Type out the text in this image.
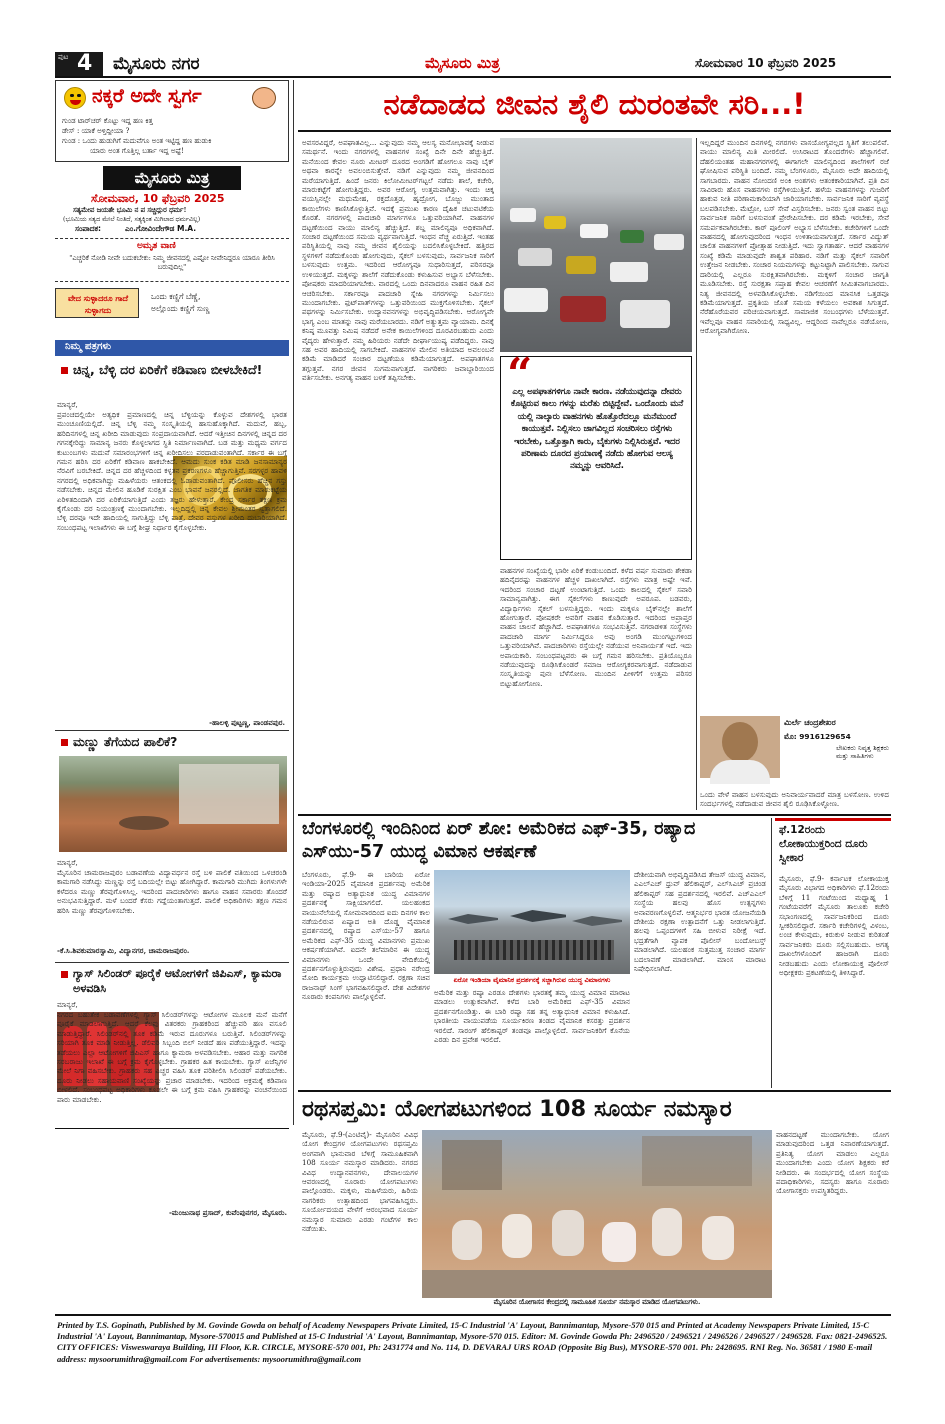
ಪುಟ 4 ಮೈಸೂರು ನಗರ	ಮೈಸೂರು ಮಿತ್ರ	ಸೋಮವಾರ 10 ಫೆಬ್ರವರಿ 2025
ನಕ್ಕರೆ ಅದೇ ಸ್ವರ್ಗ
ಗುಂಡ ಟಾರ್‌ಚರ್ ಕೊಟ್ಟು ಇದ್ದ ಹಣ ಕಿತ್ತ
ಡೇಸ್ : ಯಾಕೆ ಅಳ್ತಿದ್ದೀಯಾ ?
ಗುಂಡ : ಒಂದು ಹುಡುಗಿಗೆ ಮದುವೆಗೂ ಅಂತ ಇಟ್ಟಿದ್ದ ಹಣ ಹುಡುಕಿ
ಯಾರು ಅಂತ ಗೊತ್ತಿಲ್ಲ ಬರ್ತಾ ಇದ್ದ ಅಷ್ಟೆ!
ಮೈಸೂರು ಮಿತ್ರ
ಸೋಮವಾರ, 10 ಫೆಬ್ರವರಿ 2025
ಸತ್ಯಮೇವ ಜಯತೇ ಭೂಮಿ ನ ಪ ಸಚ್ಚಿದ್ಗುರ ಧರ್ಮ!
(ಭೂಮಿಯ ಸತ್ಯದ ಮೇಲೆ ನಿಂತಿದೆ, ಸತ್ಯಕ್ಕಿಂತ ಮಿಗಿಲಾದ ಧರ್ಮವಿಲ್ಲ)
ಸಂಪಾದಕ:	ಎಂ.ಗೋವಿಂದೇಗೌಡ M.A.
ಅಮೃತ ವಾಣಿ
"ಎಚ್ಚರಿಕೆ ನೋಡಿ ನೀವೇ ಬದುಕಬೇಕು: ನಿಮ್ಮ ಜೀವನದಲ್ಲಿ ಎಷ್ಟೋ ನೀವೇನಿದ್ದರೂ ಯಾರೂ ತೀರಿಸಿ ಬರುವುದಿಲ್ಲ"
ವೇದ ಸುಳ್ಳಾದರೂ ಗಾದೆ ಸುಳ್ಳಾಗದು
ಒಂದು ಕಣ್ಣಿಗೆ ಬೆಣ್ಣೆ,
ಅಲ್ಲೊಂದು ಕಣ್ಣಿಗೆ ಸುಣ್ಣ
ನಿಮ್ಮ ಪತ್ರಗಳು
ಚಿನ್ನ, ಬೆಳ್ಳಿ ದರ ಏರಿಕೆಗೆ ಕಡಿವಾಣ ಬೀಳಬೇಕಿದೆ!
ಮಾನ್ಯರೆ,
ಪ್ರಪಂಚದಲ್ಲಿಯೇ ಅತ್ಯಧಿಕ ಪ್ರಮಾಣದಲ್ಲಿ ಚಿನ್ನ ಬೆಳ್ಳಿಯನ್ನು ಕೊಳ್ಳುವ ದೇಶಗಳಲ್ಲಿ ಭಾರತ ಮುಂಚೂಣಿಯಲ್ಲಿದೆ. ಚಿನ್ನ ಬೆಳ್ಳಿ ನಮ್ಮ ಸಂಸ್ಕೃತಿಯಲ್ಲಿ ಹಾಸುಹೊಕ್ಕಾಗಿದೆ. ಮದುವೆ, ಹಬ್ಬ, ಹರಿದಿನಗಳಲ್ಲಿ ಚಿನ್ನ ಖರೀದಿ ಮಾಡುವುದು ಸಂಪ್ರದಾಯವಾಗಿದೆ. ಆದರೆ ಇತ್ತೀಚಿನ ದಿನಗಳಲ್ಲಿ ಚಿನ್ನದ ದರ ಗಗನಕ್ಕೇರಿದ್ದು ಸಾಮಾನ್ಯ ಜನರು ಕೊಳ್ಳಲಾಗದ ಸ್ಥಿತಿ ನಿರ್ಮಾಣವಾಗಿದೆ. ಬಡ ಮತ್ತು ಮಧ್ಯಮ ವರ್ಗದ ಕುಟುಂಬಗಳು ಮದುವೆ ಸಮಾರಂಭಗಳಿಗೆ ಚಿನ್ನ ಖರೀದಿಸಲು ಪರದಾಡುವಂತಾಗಿದೆ. ಸರ್ಕಾರ ಈ ಬಗ್ಗೆ ಗಮನ ಹರಿಸಿ ದರ ಏರಿಕೆಗೆ ಕಡಿವಾಣ ಹಾಕಬೇಕಿದೆ. ಆಮದು ಸುಂಕ ಕಡಿತ ಮಾಡಿ ಜನಸಾಮಾನ್ಯರ ನೆರವಿಗೆ ಬರಬೇಕಿದೆ. ಚಿನ್ನದ ದರ ಹೆಚ್ಚಳದಿಂದ ಕಳ್ಳತನ ಪ್ರಕರಣಗಳೂ ಹೆಚ್ಚಾಗುತ್ತಿವೆ. ಸರಗಳ್ಳರ ಹಾವಳಿ ನಗರದಲ್ಲಿ ಅಧಿಕವಾಗಿದ್ದು ಮಹಿಳೆಯರು ಆತಂಕದಲ್ಲಿ ಓಡಾಡುವಂತಾಗಿದೆ. ಪೊಲೀಸರು ಹೆಚ್ಚಿನ ಗಸ್ತು ನಡೆಸಬೇಕು. ಚಿನ್ನದ ಮೇಲಿನ ಹೂಡಿಕೆ ಸುರಕ್ಷಿತ ಎಂಬ ಭಾವನೆ ಜನರಲ್ಲಿದೆ. ಜಾಗತಿಕ ಮಾರುಕಟ್ಟೆಯ ಏರಿಳಿತದಿಂದಾಗಿ ದರ ಏರಿಕೆಯಾಗುತ್ತಿದೆ ಎಂದು ತಜ್ಞರು ಹೇಳುತ್ತಾರೆ. ಕೇಂದ್ರ ಸರ್ಕಾರ ತಕ್ಷಣ ಕ್ರಮ ಕೈಗೊಂಡು ದರ ನಿಯಂತ್ರಣಕ್ಕೆ ಮುಂದಾಗಬೇಕು. ಇಲ್ಲದಿದ್ದಲ್ಲಿ ಚಿನ್ನ ಕೇವಲ ಶ್ರೀಮಂತರ ಸ್ವತ್ತಾಗಲಿದೆ. ಬೆಳ್ಳಿ ದರವೂ ಇದೇ ಹಾದಿಯಲ್ಲಿ ಸಾಗುತ್ತಿದ್ದು ಬೆಳ್ಳಿ ಪಾತ್ರೆ, ದೇವರ ವಸ್ತುಗಳ ಖರೀದಿ ದುಬಾರಿಯಾಗಿದೆ. ಸಂಬಂಧಪಟ್ಟ ಇಲಾಖೆಗಳು ಈ ಬಗ್ಗೆ ಶೀಘ್ರ ನಿರ್ಧಾರ ಕೈಗೊಳ್ಳಬೇಕು.
-ಹಾಲಳ್ಳಿ ಪುಟ್ಟಣ್ಣ, ಪಾಂಡವಪುರ.
ಮಣ್ಣು ತೆಗೆಯದ ಪಾಲಿಕೆ?
ಮಾನ್ಯರೆ,
ಮೈಸೂರಿನ ಚಾಮರಾಜಪುರಂ ಬಡಾವಣೆಯ ವಿದ್ಯಾವರ್ಧನ ರಸ್ತೆ ಬಳಿ ಪಾಲಿಕೆ ವತಿಯಿಂದ ಒಳಚರಂಡಿ ಕಾಮಗಾರಿ ನಡೆಸಿದ್ದು ಮಣ್ಣನ್ನು ರಸ್ತೆ ಬದಿಯಲ್ಲೇ ಬಿಟ್ಟು ಹೋಗಿದ್ದಾರೆ. ಕಾಮಗಾರಿ ಮುಗಿದು ತಿಂಗಳುಗಳೇ ಕಳೆದರೂ ಮಣ್ಣು ತೆರವುಗೊಳಿಸಿಲ್ಲ. ಇದರಿಂದ ಪಾದಚಾರಿಗಳು ಹಾಗೂ ವಾಹನ ಸವಾರರು ತೊಂದರೆ ಅನುಭವಿಸುತ್ತಿದ್ದಾರೆ. ಮಳೆ ಬಂದರೆ ಕೆಸರು ಗದ್ದೆಯಂತಾಗುತ್ತದೆ. ಪಾಲಿಕೆ ಅಧಿಕಾರಿಗಳು ತಕ್ಷಣ ಗಮನ ಹರಿಸಿ ಮಣ್ಣು ತೆರವುಗೊಳಿಸಬೇಕು.
-ಕೆ.ಸಿ.ಶಿವಕುಮಾರಸ್ವಾಮಿ, ವಿದ್ಯಾನಗರ, ಚಾಮರಾಜಪುರಂ.
ಗ್ಯಾಸ್ ಸಿಲಿಂಡರ್ ಪೂರೈಕೆ ಆಟೋಗಳಿಗೆ ಜಿಪಿಎಸ್, ಕ್ಯಾಮರಾ ಅಳವಡಿಸಿ
ಮಾನ್ಯರೆ,
ನಗರದ ಬಹುತೇಕ ಬಡಾವಣೆಗಳಲ್ಲಿ ಗ್ಯಾಸ್ ಸಿಲಿಂಡರ್‌ಗಳನ್ನು ಆಟೋಗಳ ಮೂಲಕ ಮನೆ ಮನೆಗೆ ಪೂರೈಕೆ ಮಾಡಲಾಗುತ್ತಿದೆ. ಆದರೆ ಕೆಲವು ವಿತರಕರು ಗ್ರಾಹಕರಿಂದ ಹೆಚ್ಚುವರಿ ಹಣ ವಸೂಲಿ ಮಾಡುತ್ತಿದ್ದಾರೆ. ಸಿಲಿಂಡರ್‌ನಲ್ಲಿ ತೂಕ ಕಡಿಮೆ ಇರುವ ದೂರುಗಳೂ ಬರುತ್ತಿವೆ. ಸಿಲಿಂಡರ್‌ಗಳನ್ನು ಸರಿಯಾಗಿ ತೂಕ ಮಾಡಿ ನೀಡುತ್ತಿಲ್ಲ. ಡೆಲಿವರಿ ಸಿಬ್ಬಂದಿ ಬಿಲ್ ನೀಡದೆ ಹಣ ಪಡೆಯುತ್ತಿದ್ದಾರೆ. ಇದನ್ನು ತಡೆಯಲು ಎಲ್ಲಾ ಆಟೋಗಳಿಗೆ ಜಿಪಿಎಸ್ ಹಾಗೂ ಕ್ಯಾಮರಾ ಅಳವಡಿಸಬೇಕು. ಆಹಾರ ಮತ್ತು ನಾಗರಿಕ ಸರಬರಾಜು ಇಲಾಖೆ ಈ ಬಗ್ಗೆ ಕ್ರಮ ಕೈಗೊಳ್ಳಬೇಕು. ಗ್ರಾಹಕರ ಹಿತ ಕಾಯಬೇಕು. ಗ್ಯಾಸ್ ಏಜೆನ್ಸಿಗಳ ಮೇಲೆ ನಿಗಾ ವಹಿಸಬೇಕು. ಗ್ರಾಹಕರು ಸಹ ಎಚ್ಚರ ವಹಿಸಿ ತೂಕ ಪರಿಶೀಲಿಸಿ ಸಿಲಿಂಡರ್ ಪಡೆಯಬೇಕು. ದೂರು ನೀಡಲು ಸಹಾಯವಾಣಿ ಸಂಖ್ಯೆಯನ್ನು ಪ್ರಚಾರ ಮಾಡಬೇಕು. ಇದರಿಂದ ಅಕ್ರಮಕ್ಕೆ ಕಡಿವಾಣ ಬೀಳಲಿದೆ. ಸಂಬಂಧಪಟ್ಟ ಅಧಿಕಾರಿಗಳು ಕೂಡಲೇ ಈ ಬಗ್ಗೆ ಕ್ರಮ ವಹಿಸಿ ಗ್ರಾಹಕರನ್ನು ವಂಚನೆಯಿಂದ ಪಾರು ಮಾಡಬೇಕು.
-ಮಂಜುನಾಥ ಪ್ರಸಾದ್, ಕುವೆಂಪುನಗರ, ಮೈಸೂರು.
ನಡೆದಾಡದ ಜೀವನ ಶೈಲಿ ದುರಂತವೇ ಸರಿ...!
“
ಎಲ್ಲ ಅಪಘಾತಗಳಿಗೂ ನಾವೇ ಕಾರಣ. ನಡೆಯುವುದನ್ನಾ ದೇವರು ಕೊಟ್ಟಿರುವ ಕಾಲು ಗಳನ್ನು ಮರೆತು ಬಿಟ್ಟಿದ್ದೇವೆ. ಒಂದೊಂದು ಮನೆ ಯಲ್ಲಿ ನಾಲ್ಕಾರು ವಾಹನಗಳು ಹೊತ್ತೊರೆದಲ್ಲೂ ಮನೆಮುಂದೆ ಕಾಯುತ್ತವೆ. ನಿಲ್ಲಿಸಲು ಜಾಗವಿಲ್ಲದ ಸಂಚರಿಸಲು ರಸ್ತೆಗಳು ಇರಬೇಕು, ಒತ್ತೊತ್ತಾಗಿ ಕಾರು, ಬೈಕುಗಳು ನಿಲ್ಲಿಸಿರುತ್ತವೆ. ಇದರ ಪರಿಣಾಮ ದೂರದ ಪ್ರಯಾಣಕ್ಕೆ ನಡೆದು ಹೋಗುವ ಆಲಸ್ಯ ನಮ್ಮನ್ನು ಆವರಿಸಿದೆ.
ಅವಸರವಿದ್ದರೆ, ಅಪಘಾತವಿಲ್ಲ... ಎನ್ನುವುದು ನಮ್ಮ ಆಲಸ್ಯ ಮನೋಭಾವಕ್ಕೆ ನೀಡುವ ಸಮರ್ಥನೆ. ಇಂದು ನಗರಗಳಲ್ಲಿ ವಾಹನಗಳ ಸಂಖ್ಯೆ ದಿನೇ ದಿನೇ ಹೆಚ್ಚುತ್ತಿದೆ. ಮನೆಯಿಂದ ಕೇವಲ ನೂರು ಮೀಟರ್ ದೂರದ ಅಂಗಡಿಗೆ ಹೋಗಲೂ ನಾವು ಬೈಕ್ ಅಥವಾ ಕಾರನ್ನೇ ಅವಲಂಬಿಸುತ್ತೇವೆ. ನಡಿಗೆ ಎನ್ನುವುದು ನಮ್ಮ ಜೀವನದಿಂದ ಮರೆಯಾಗುತ್ತಿದೆ. ಹಿಂದೆ ಜನರು ಕಿಲೋಮೀಟರ್‌ಗಟ್ಟಲೆ ನಡೆದು ಶಾಲೆ, ಕಚೇರಿ, ಮಾರುಕಟ್ಟೆಗೆ ಹೋಗುತ್ತಿದ್ದರು. ಅವರ ಆರೋಗ್ಯ ಉತ್ತಮವಾಗಿತ್ತು. ಇಂದು ಚಿಕ್ಕ ವಯಸ್ಸಿನಲ್ಲೇ ಮಧುಮೇಹ, ರಕ್ತದೊತ್ತಡ, ಹೃದ್ರೋಗ, ಬೊಜ್ಜು ಮುಂತಾದ ಕಾಯಿಲೆಗಳು ಕಾಣಿಸಿಕೊಳ್ಳುತ್ತಿವೆ. ಇದಕ್ಕೆ ಪ್ರಮುಖ ಕಾರಣ ದೈಹಿಕ ಚಟುವಟಿಕೆಯ ಕೊರತೆ. ನಗರಗಳಲ್ಲಿ ಪಾದಚಾರಿ ಮಾರ್ಗಗಳೂ ಒತ್ತುವರಿಯಾಗಿವೆ. ವಾಹನಗಳ ದಟ್ಟಣೆಯಿಂದ ವಾಯು ಮಾಲಿನ್ಯ ಹೆಚ್ಚುತ್ತಿದೆ. ಶಬ್ದ ಮಾಲಿನ್ಯವೂ ಅಧಿಕವಾಗಿದೆ. ಸಂಚಾರ ದಟ್ಟಣೆಯಿಂದ ಸಮಯ ವ್ಯರ್ಥವಾಗುತ್ತಿದೆ. ಇಂಧನ ವೆಚ್ಚ ಏರುತ್ತಿದೆ. ಇಂತಹ ಪರಿಸ್ಥಿತಿಯಲ್ಲಿ ನಾವು ನಮ್ಮ ಜೀವನ ಶೈಲಿಯನ್ನು ಬದಲಿಸಿಕೊಳ್ಳಬೇಕಿದೆ. ಹತ್ತಿರದ ಸ್ಥಳಗಳಿಗೆ ನಡೆದುಕೊಂಡು ಹೋಗುವುದು, ಸೈಕಲ್ ಬಳಸುವುದು, ಸಾರ್ವಜನಿಕ ಸಾರಿಗೆ ಬಳಸುವುದು ಉತ್ತಮ. ಇದರಿಂದ ಆರೋಗ್ಯವೂ ಸುಧಾರಿಸುತ್ತದೆ, ಪರಿಸರವೂ ಉಳಿಯುತ್ತದೆ. ಮಕ್ಕಳನ್ನು ಶಾಲೆಗೆ ನಡೆದುಕೊಂಡು ಕಳುಹಿಸುವ ಅಭ್ಯಾಸ ಬೆಳೆಸಬೇಕು. ಪೋಷಕರು ಮಾದರಿಯಾಗಬೇಕು. ವಾರದಲ್ಲಿ ಒಂದು ದಿನವಾದರೂ ವಾಹನ ರಹಿತ ದಿನ ಆಚರಿಸಬೇಕು. ಸರ್ಕಾರವೂ ಪಾದಚಾರಿ ಸ್ನೇಹಿ ನಗರಗಳನ್ನು ನಿರ್ಮಿಸಲು ಮುಂದಾಗಬೇಕು. ಫುಟ್‌ಪಾತ್‌ಗಳನ್ನು ಒತ್ತುವರಿಯಿಂದ ಮುಕ್ತಗೊಳಿಸಬೇಕು. ಸೈಕಲ್ ಪಥಗಳನ್ನು ನಿರ್ಮಿಸಬೇಕು. ಉದ್ಯಾನವನಗಳನ್ನು ಅಭಿವೃದ್ಧಿಪಡಿಸಬೇಕು. ಆರೋಗ್ಯವೇ ಭಾಗ್ಯ ಎಂಬ ಮಾತನ್ನು ನಾವು ಮರೆಯಬಾರದು. ನಡಿಗೆ ಅತ್ಯುತ್ತಮ ವ್ಯಾಯಾಮ. ದಿನಕ್ಕೆ ಕನಿಷ್ಠ ಮೂವತ್ತು ನಿಮಿಷ ನಡೆದರೆ ಅನೇಕ ಕಾಯಿಲೆಗಳಿಂದ ದೂರವಿರಬಹುದು ಎಂದು ವೈದ್ಯರು ಹೇಳುತ್ತಾರೆ. ನಮ್ಮ ಹಿರಿಯರು ನಡೆದೇ ದೀರ್ಘಾಯುಷ್ಯ ಪಡೆದಿದ್ದರು. ನಾವು ಸಹ ಅವರ ಹಾದಿಯಲ್ಲಿ ಸಾಗಬೇಕಿದೆ. ವಾಹನಗಳ ಮೇಲಿನ ಅತಿಯಾದ ಅವಲಂಬನೆ ಕಡಿಮೆ ಮಾಡಿದರೆ ಸಂಚಾರ ದಟ್ಟಣೆಯೂ ಕಡಿಮೆಯಾಗುತ್ತದೆ. ಅಪಘಾತಗಳೂ ತಗ್ಗುತ್ತವೆ. ನಗರ ಜೀವನ ಸುಗಮವಾಗುತ್ತದೆ. ನಾಗರಿಕರು ಜವಾಬ್ದಾರಿಯಿಂದ ವರ್ತಿಸಬೇಕು. ಅನಗತ್ಯ ವಾಹನ ಬಳಕೆ ತಪ್ಪಿಸಬೇಕು.
ವಾಹನಗಳ ಸಂಖ್ಯೆಯಲ್ಲಿ ಭಾರೀ ಏರಿಕೆ ಕಂಡುಬಂದಿದೆ. ಕಳೆದ ವರ್ಷ ಸುಮಾರು ಶೇಕಡಾ ಹದಿನೈದರಷ್ಟು ವಾಹನಗಳ ಹೆಚ್ಚಳ ದಾಖಲಾಗಿದೆ. ರಸ್ತೆಗಳು ಮಾತ್ರ ಅಷ್ಟೇ ಇವೆ. ಇದರಿಂದ ಸಂಚಾರ ದಟ್ಟಣೆ ಉಂಟಾಗುತ್ತಿದೆ. ಒಂದು ಕಾಲದಲ್ಲಿ ಸೈಕಲ್ ಸವಾರಿ ಸಾಮಾನ್ಯವಾಗಿತ್ತು. ಈಗ ಸೈಕಲ್‌ಗಳು ಕಾಣುವುದೇ ಅಪರೂಪ. ಬಡವರು, ವಿದ್ಯಾರ್ಥಿಗಳು ಸೈಕಲ್ ಬಳಸುತ್ತಿದ್ದರು. ಇಂದು ಮಕ್ಕಳೂ ಬೈಕ್‌ನಲ್ಲೇ ಶಾಲೆಗೆ ಹೋಗುತ್ತಾರೆ. ಪೋಷಕರೇ ಅವರಿಗೆ ವಾಹನ ಕೊಡಿಸುತ್ತಾರೆ. ಇದರಿಂದ ಅಪ್ರಾಪ್ತರ ವಾಹನ ಚಾಲನೆ ಹೆಚ್ಚಾಗಿದೆ. ಅಪಘಾತಗಳೂ ಸಂಭವಿಸುತ್ತಿವೆ. ನಗರಾಡಳಿತ ಸಂಸ್ಥೆಗಳು ಪಾದಚಾರಿ ಮಾರ್ಗ ನಿರ್ಮಿಸಿದ್ದರೂ ಅವು ಅಂಗಡಿ ಮುಂಗಟ್ಟುಗಳಿಂದ ಒತ್ತುವರಿಯಾಗಿವೆ. ಪಾದಚಾರಿಗಳು ರಸ್ತೆಯಲ್ಲೇ ನಡೆಯುವ ಅನಿವಾರ್ಯತೆ ಇದೆ. ಇದು ಅಪಾಯಕಾರಿ. ಸಂಬಂಧಪಟ್ಟವರು ಈ ಬಗ್ಗೆ ಗಮನ ಹರಿಸಬೇಕು. ಪ್ರತಿಯೊಬ್ಬರೂ ನಡೆಯುವುದನ್ನು ರೂಢಿಸಿಕೊಂಡರೆ ಸಮಾಜ ಆರೋಗ್ಯಕರವಾಗುತ್ತದೆ. ನಡೆದಾಡುವ ಸಂಸ್ಕೃತಿಯನ್ನು ಪುನಃ ಬೆಳೆಸೋಣ. ಮುಂದಿನ ಪೀಳಿಗೆಗೆ ಉತ್ತಮ ಪರಿಸರ ಬಿಟ್ಟುಹೋಗೋಣ.
ಇಲ್ಲದಿದ್ದರೆ ಮುಂದಿನ ದಿನಗಳಲ್ಲಿ ನಗರಗಳು ವಾಸಯೋಗ್ಯವಲ್ಲದ ಸ್ಥಿತಿಗೆ ತಲುಪಲಿವೆ. ವಾಯು ಮಾಲಿನ್ಯ ಮಿತಿ ಮೀರಲಿದೆ. ಉಸಿರಾಟದ ತೊಂದರೆಗಳು ಹೆಚ್ಚಾಗಲಿವೆ. ದೆಹಲಿಯಂತಹ ಮಹಾನಗರಗಳಲ್ಲಿ ಈಗಾಗಲೇ ಮಾಲಿನ್ಯದಿಂದ ಶಾಲೆಗಳಿಗೆ ರಜೆ ಘೋಷಿಸುವ ಪರಿಸ್ಥಿತಿ ಬಂದಿದೆ. ನಮ್ಮ ಬೆಂಗಳೂರು, ಮೈಸೂರು ಅದೇ ಹಾದಿಯಲ್ಲಿ ಸಾಗಬಾರದು. ವಾಹನ ನೋಂದಣಿ ಅಂಕಿ ಅಂಶಗಳು ಆತಂಕಕಾರಿಯಾಗಿವೆ. ಪ್ರತಿ ದಿನ ಸಾವಿರಾರು ಹೊಸ ವಾಹನಗಳು ರಸ್ತೆಗಿಳಿಯುತ್ತಿವೆ. ಹಳೆಯ ವಾಹನಗಳನ್ನು ಗುಜರಿಗೆ ಹಾಕುವ ನೀತಿ ಪರಿಣಾಮಕಾರಿಯಾಗಿ ಜಾರಿಯಾಗಬೇಕು. ಸಾರ್ವಜನಿಕ ಸಾರಿಗೆ ವ್ಯವಸ್ಥೆ ಬಲಪಡಿಸಬೇಕು. ಮೆಟ್ರೋ, ಬಸ್ ಸೇವೆ ವಿಸ್ತರಿಸಬೇಕು. ಜನರು ಸ್ವಂತ ವಾಹನ ಬಿಟ್ಟು ಸಾರ್ವಜನಿಕ ಸಾರಿಗೆ ಬಳಸುವಂತೆ ಪ್ರೇರೇಪಿಸಬೇಕು. ದರ ಕಡಿಮೆ ಇರಬೇಕು, ಸೇವೆ ಸಮರ್ಪಕವಾಗಿರಬೇಕು. ಕಾರ್ ಪೂಲಿಂಗ್ ಅಭ್ಯಾಸ ಬೆಳೆಸಬೇಕು. ಕಚೇರಿಗಳಿಗೆ ಒಂದೇ ವಾಹನದಲ್ಲಿ ಹೋಗುವುದರಿಂದ ಇಂಧನ ಉಳಿತಾಯವಾಗುತ್ತದೆ. ಸರ್ಕಾರ ವಿದ್ಯುತ್ ಚಾಲಿತ ವಾಹನಗಳಿಗೆ ಪ್ರೋತ್ಸಾಹ ನೀಡುತ್ತಿದೆ. ಇದು ಸ್ವಾಗತಾರ್ಹ. ಆದರೆ ವಾಹನಗಳ ಸಂಖ್ಯೆ ಕಡಿಮೆ ಮಾಡುವುದೇ ಶಾಶ್ವತ ಪರಿಹಾರ. ನಡಿಗೆ ಮತ್ತು ಸೈಕಲ್ ಸವಾರಿಗೆ ಉತ್ತೇಜನ ನೀಡಬೇಕು. ಸಂಚಾರ ನಿಯಮಗಳನ್ನು ಕಟ್ಟುನಿಟ್ಟಾಗಿ ಪಾಲಿಸಬೇಕು. ಸಾಗುವ ದಾರಿಯಲ್ಲಿ ಎಲ್ಲರೂ ಸುರಕ್ಷಿತವಾಗಿರಬೇಕು. ಮಕ್ಕಳಿಗೆ ಸಂಚಾರ ಜಾಗೃತಿ ಮೂಡಿಸಬೇಕು. ರಸ್ತೆ ಸುರಕ್ಷತಾ ಸಪ್ತಾಹ ಕೇವಲ ಆಚರಣೆಗೆ ಸೀಮಿತವಾಗಬಾರದು. ನಿತ್ಯ ಜೀವನದಲ್ಲಿ ಅಳವಡಿಸಿಕೊಳ್ಳಬೇಕು. ನಡಿಗೆಯಿಂದ ಮಾನಸಿಕ ಒತ್ತಡವೂ ಕಡಿಮೆಯಾಗುತ್ತದೆ. ಪ್ರಕೃತಿಯ ಜೊತೆ ಸಮಯ ಕಳೆಯಲು ಅವಕಾಶ ಸಿಗುತ್ತದೆ. ನೆರೆಹೊರೆಯವರ ಪರಿಚಯವಾಗುತ್ತದೆ. ಸಾಮಾಜಿಕ ಸಂಬಂಧಗಳು ಬೆಳೆಯುತ್ತವೆ. ಇವೆಲ್ಲವೂ ವಾಹನ ಸವಾರಿಯಲ್ಲಿ ಸಾಧ್ಯವಿಲ್ಲ. ಆದ್ದರಿಂದ ನಾವೆಲ್ಲರೂ ನಡೆಯೋಣ, ಆರೋಗ್ಯವಾಗಿರೋಣ.
ಮಿರ್ಲೆ ಚಂದ್ರಶೇಖರ
ಮೊ: 9916129654
ಲೇಖಕರು ನಿವೃತ್ತ ಶಿಕ್ಷಕರು ಮತ್ತು ಸಾಹಿತಿಗಳು
ಒಂದು ವೇಳೆ ವಾಹನ ಬಳಸುವುದು ಅನಿವಾರ್ಯವಾದರೆ ಮಾತ್ರ ಬಳಸೋಣ. ಉಳಿದ ಸಂದರ್ಭಗಳಲ್ಲಿ ನಡೆದಾಡುವ ಜೀವನ ಶೈಲಿ ರೂಢಿಸಿಕೊಳ್ಳೋಣ.
ಬೆಂಗಳೂರಲ್ಲಿ ಇಂದಿನಿಂದ ಏರ್ ಶೋ: ಅಮೆರಿಕದ ಎಫ್-35, ರಷ್ಯಾದ ಎಸ್‌ಯು-57 ಯುದ್ಧ ವಿಮಾನ ಆಕರ್ಷಣೆ
ಬೆಂಗಳೂರು, ಫೆ.9- ಈ ಬಾರಿಯ ಏರೋ ಇಂಡಿಯಾ-2025 ವೈಮಾನಿಕ ಪ್ರದರ್ಶನವು ಅಮೆರಿಕ ಮತ್ತು ರಷ್ಯಾದ ಅತ್ಯಾಧುನಿಕ ಯುದ್ಧ ವಿಮಾನಗಳ ಪ್ರದರ್ಶನಕ್ಕೆ ಸಾಕ್ಷಿಯಾಗಲಿದೆ. ಯಲಹಂಕದ ವಾಯುನೆಲೆಯಲ್ಲಿ ಸೋಮವಾರದಿಂದ ಐದು ದಿನಗಳ ಕಾಲ ನಡೆಯಲಿರುವ ಏಷ್ಯಾದ ಅತಿ ದೊಡ್ಡ ವೈಮಾನಿಕ ಪ್ರದರ್ಶನದಲ್ಲಿ ರಷ್ಯಾದ ಎಸ್‌ಯು-57 ಹಾಗೂ ಅಮೆರಿಕದ ಎಫ್-35 ಯುದ್ಧ ವಿಮಾನಗಳು ಪ್ರಮುಖ ಆಕರ್ಷಣೆಯಾಗಿವೆ. ಐದನೇ ತಲೆಮಾರಿನ ಈ ಯುದ್ಧ ವಿಮಾನಗಳು ಒಂದೇ ವೇದಿಕೆಯಲ್ಲಿ ಪ್ರದರ್ಶನಗೊಳ್ಳುತ್ತಿರುವುದು ವಿಶೇಷ. ಪ್ರಧಾನಿ ನರೇಂದ್ರ ಮೋದಿ ಕಾರ್ಯಕ್ರಮ ಉದ್ಘಾಟಿಸಲಿದ್ದಾರೆ. ರಕ್ಷಣಾ ಸಚಿವ ರಾಜನಾಥ್ ಸಿಂಗ್ ಭಾಗವಹಿಸಲಿದ್ದಾರೆ. ದೇಶ ವಿದೇಶಗಳ ನೂರಾರು ಕಂಪನಿಗಳು ಪಾಲ್ಗೊಳ್ಳಲಿವೆ.
ಏರೋ ಇಂಡಿಯಾ ವೈಮಾನಿಕ ಪ್ರದರ್ಶನಕ್ಕೆ ಸಜ್ಜಾಗಿರುವ ಯುದ್ಧ ವಿಮಾನಗಳು
ಅಮೆರಿಕ ಮತ್ತು ರಷ್ಯಾ ಎರಡೂ ದೇಶಗಳು ಭಾರತಕ್ಕೆ ತಮ್ಮ ಯುದ್ಧ ವಿಮಾನ ಮಾರಾಟ ಮಾಡಲು ಉತ್ಸುಕವಾಗಿವೆ. ಕಳೆದ ಬಾರಿ ಅಮೆರಿಕದ ಎಫ್-35 ವಿಮಾನ ಪ್ರದರ್ಶನಗೊಂಡಿತ್ತು. ಈ ಬಾರಿ ರಷ್ಯಾ ಸಹ ತನ್ನ ಅತ್ಯಾಧುನಿಕ ವಿಮಾನ ಕಳುಹಿಸಿದೆ. ಭಾರತೀಯ ವಾಯುಪಡೆಯ ಸೂರ್ಯಕಿರಣ ತಂಡದ ವೈಮಾನಿಕ ಕಸರತ್ತು ಪ್ರದರ್ಶನ ಇರಲಿದೆ. ಸಾರಂಗ್ ಹೆಲಿಕಾಪ್ಟರ್ ತಂಡವೂ ಪಾಲ್ಗೊಳ್ಳಲಿದೆ. ಸಾರ್ವಜನಿಕರಿಗೆ ಕೊನೆಯ ಎರಡು ದಿನ ಪ್ರವೇಶ ಇರಲಿದೆ.
ದೇಶೀಯವಾಗಿ ಅಭಿವೃದ್ಧಿಪಡಿಸಿದ ತೇಜಸ್ ಯುದ್ಧ ವಿಮಾನ, ಎಎಲ್‌ಎಚ್ ಧ್ರುವ್ ಹೆಲಿಕಾಪ್ಟರ್, ಎಲ್‌ಸಿಎಚ್ ಪ್ರಚಂಡ ಹೆಲಿಕಾಪ್ಟರ್ ಸಹ ಪ್ರದರ್ಶನದಲ್ಲಿ ಇರಲಿವೆ. ಎಚ್‌ಎಎಲ್ ಸಂಸ್ಥೆಯ ಹಲವು ಹೊಸ ಉತ್ಪನ್ನಗಳು ಅನಾವರಣಗೊಳ್ಳಲಿವೆ. ಆತ್ಮನಿರ್ಭರ ಭಾರತ ಯೋಜನೆಯಡಿ ದೇಶೀಯ ರಕ್ಷಣಾ ಉತ್ಪಾದನೆಗೆ ಒತ್ತು ನೀಡಲಾಗುತ್ತಿದೆ. ಹಲವು ಒಪ್ಪಂದಗಳಿಗೆ ಸಹಿ ಬೀಳುವ ನಿರೀಕ್ಷೆ ಇದೆ. ಭದ್ರತೆಗಾಗಿ ವ್ಯಾಪಕ ಪೊಲೀಸ್ ಬಂದೋಬಸ್ತ್ ಮಾಡಲಾಗಿದೆ. ಯಲಹಂಕ ಸುತ್ತಮುತ್ತ ಸಂಚಾರ ಮಾರ್ಗ ಬದಲಾವಣೆ ಮಾಡಲಾಗಿದೆ. ಮಾಂಸ ಮಾರಾಟ ನಿಷೇಧಿಸಲಾಗಿದೆ.
ಫೆ.12ರಂದು ಲೋಕಾಯುಕ್ತರಿಂದ ದೂರು ಸ್ವೀಕಾರ
ಮೈಸೂರು, ಫೆ.9- ಕರ್ನಾಟಕ ಲೋಕಾಯುಕ್ತ ಮೈಸೂರು ವಿಭಾಗದ ಅಧಿಕಾರಿಗಳು ಫೆ.12ರಂದು ಬೆಳಿಗ್ಗೆ 11 ಗಂಟೆಯಿಂದ ಮಧ್ಯಾಹ್ನ 1 ಗಂಟೆಯವರೆಗೆ ಮೈಸೂರು ತಾಲೂಕು ಕಚೇರಿ ಸಭಾಂಗಣದಲ್ಲಿ ಸಾರ್ವಜನಿಕರಿಂದ ದೂರು ಸ್ವೀಕರಿಸಲಿದ್ದಾರೆ. ಸರ್ಕಾರಿ ಕಚೇರಿಗಳಲ್ಲಿ ವಿಳಂಬ, ಲಂಚ ಕೇಳುವುದು, ಕಿರುಕುಳ ನೀಡುವ ಕುರಿತಂತೆ ಸಾರ್ವಜನಿಕರು ದೂರು ಸಲ್ಲಿಸಬಹುದು. ಅಗತ್ಯ ದಾಖಲೆಗಳೊಂದಿಗೆ ಹಾಜರಾಗಿ ದೂರು ನೀಡಬಹುದು ಎಂದು ಲೋಕಾಯುಕ್ತ ಪೊಲೀಸ್ ಅಧೀಕ್ಷಕರು ಪ್ರಕಟಣೆಯಲ್ಲಿ ತಿಳಿಸಿದ್ದಾರೆ.
ರಥಸಪ್ತಮಿ: ಯೋಗಪಟುಗಳಿಂದ 108 ಸೂರ್ಯ ನಮಸ್ಕಾರ
ಮೈಸೂರು, ಫೆ.9-(ಎಂಟಿವೈ)- ಮೈಸೂರಿನ ವಿವಿಧ ಯೋಗ ಕೇಂದ್ರಗಳ ಯೋಗಪಟುಗಳು ರಥಸಪ್ತಮಿ ಅಂಗವಾಗಿ ಭಾನುವಾರ ಬೆಳಿಗ್ಗೆ ಸಾಮೂಹಿಕವಾಗಿ 108 ಸೂರ್ಯ ನಮಸ್ಕಾರ ಮಾಡಿದರು. ನಗರದ ವಿವಿಧ ಉದ್ಯಾನವನಗಳು, ದೇವಾಲಯಗಳ ಆವರಣದಲ್ಲಿ ನೂರಾರು ಯೋಗಪಟುಗಳು ಪಾಲ್ಗೊಂಡರು. ಮಕ್ಕಳು, ಮಹಿಳೆಯರು, ಹಿರಿಯ ನಾಗರಿಕರು ಉತ್ಸಾಹದಿಂದ ಭಾಗವಹಿಸಿದ್ದರು. ಸೂರ್ಯೋದಯದ ವೇಳೆಗೆ ಆರಂಭವಾದ ಸೂರ್ಯ ನಮಸ್ಕಾರ ಸುಮಾರು ಎರಡು ಗಂಟೆಗಳ ಕಾಲ ನಡೆಯಿತು.
ಮೈಸೂರಿನ ಯೋಗಾಸನ ಕೇಂದ್ರದಲ್ಲಿ ಸಾಮೂಹಿಕ ಸೂರ್ಯ ನಮಸ್ಕಾರ ಮಾಡಿದ ಯೋಗಪಟುಗಳು.
ವಾಹನದಟ್ಟಣೆ ಮುಂದಾಗಬೇಕು. ಯೋಗ ಮಾಡುವುದರಿಂದ ಒತ್ತಡ ನಿವಾರಣೆಯಾಗುತ್ತದೆ. ಪ್ರತಿನಿತ್ಯ ಯೋಗ ಮಾಡಲು ಎಲ್ಲರೂ ಮುಂದಾಗಬೇಕು ಎಂದು ಯೋಗ ಶಿಕ್ಷಕರು ಕರೆ ನೀಡಿದರು. ಈ ಸಂದರ್ಭದಲ್ಲಿ ಯೋಗ ಸಂಸ್ಥೆಯ ಪದಾಧಿಕಾರಿಗಳು, ಸದಸ್ಯರು ಹಾಗೂ ನೂರಾರು ಯೋಗಾಸಕ್ತರು ಉಪಸ್ಥಿತರಿದ್ದರು.
Printed by T.S. Gopinath, Published by M. Govinde Gowda on behalf of Academy Newspapers Private Limited, 15-C Industrial 'A' Layout, Bannimantap, Mysore-570 015 and Printed at Academy Newspapers Private Limited, 15-C Industrial 'A' Layout, Bannimantap, Mysore-570015 and Published at 15-C Industrial 'A' Layout, Bannimantap, Mysore-570 015. Editor: M. Govinde Gowda Ph: 2496520 / 2496521 / 2496526 / 2496527 / 2496528. Fax: 0821-2496525. CITY OFFICES: Visweswaraya Building, III Floor, K.R. CIRCLE, MYSORE-570 001, Ph: 2431774 and No. 114, D. DEVARAJ URS ROAD (Opposite Big Bus), MYSORE-570 001. Ph: 2428695. RNI Reg. No. 36581 / 1980 E-mail address: mysoorumithra@gmail.com For advertisements: mysoorumithra@gmail.com
